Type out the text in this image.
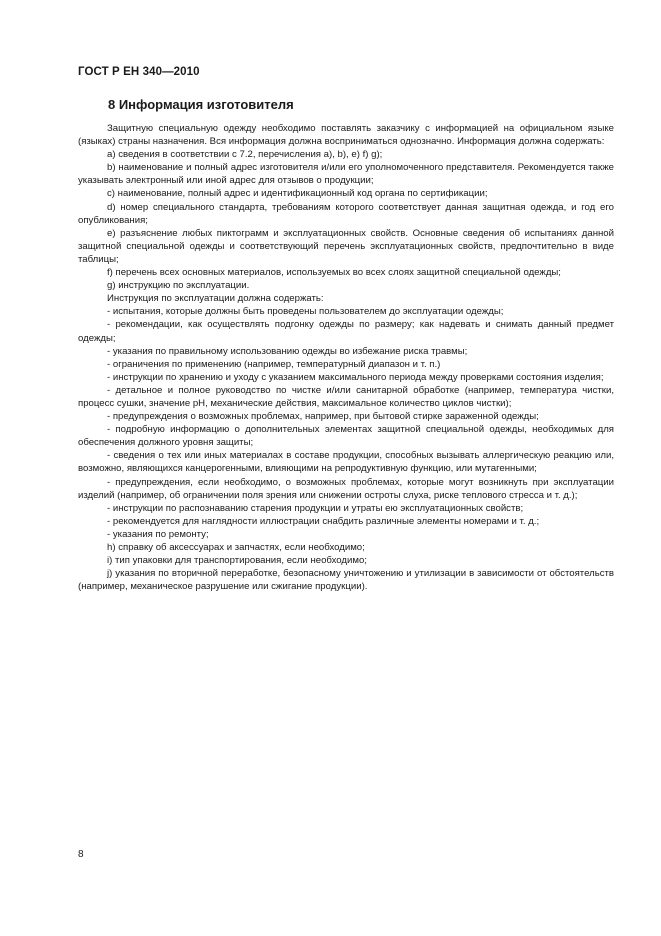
ГОСТ Р ЕН 340—2010
8 Информация изготовителя

Защитную специальную одежду необходимо поставлять заказчику с информацией на официальном языке (языках) страны назначения. Вся информация должна восприниматься однозначно. Информация должна содержать:

a) сведения в соответствии с 7.2, перечисления a), b), e) f) g);

b) наименование и полный адрес изготовителя и/или его уполномоченного представителя. Рекомендуется также указывать электронный или иной адрес для отзывов о продукции;

c) наименование, полный адрес и идентификационный код органа по сертификации;

d) номер специального стандарта, требованиям которого соответствует данная защитная одежда, и год его опубликования;

e) разъяснение любых пиктограмм и эксплуатационных свойств. Основные сведения об испытаниях данной защитной специальной одежды и соответствующий перечень эксплуатационных свойств, предпочтительно в виде таблицы;

f) перечень всех основных материалов, используемых во всех слоях защитной специальной одежды;

g) инструкцию по эксплуатации.

Инструкция по эксплуатации должна содержать:

- испытания, которые должны быть проведены пользователем до эксплуатации одежды;

- рекомендации, как осуществлять подгонку одежды по размеру; как надевать и снимать данный предмет одежды;

- указания по правильному использованию одежды во избежание риска травмы;

- ограничения по применению (например, температурный диапазон и т. п.)

- инструкции по хранению и уходу с указанием максимального периода между проверками состояния изделия;

- детальное и полное руководство по чистке и/или санитарной обработке (например, температура чистки, процесс сушки, значение pH, механические действия, максимальное количество циклов чистки);

- предупреждения о возможных проблемах, например, при бытовой стирке зараженной одежды;

- подробную информацию о дополнительных элементах защитной специальной одежды, необходимых для обеспечения должного уровня защиты;

- сведения о тех или иных материалах в составе продукции, способных вызывать аллергическую реакцию или, возможно, являющихся канцерогенными, влияющими на репродуктивную функцию, или мутагенными;

- предупреждения, если необходимо, о возможных проблемах, которые могут возникнуть при эксплуатации изделий (например, об ограничении поля зрения или снижении остроты слуха, риске теплового стресса и т. д.);

- инструкции по распознаванию старения продукции и утраты ею эксплуатационных свойств;

- рекомендуется для наглядности иллюстрации снабдить различные элементы номерами и т. д.;

- указания по ремонту;

h) справку об аксессуарах и запчастях, если необходимо;

i) тип упаковки для транспортирования, если необходимо;

j) указания по вторичной переработке, безопасному уничтожению и утилизации в зависимости от обстоятельств (например, механическое разрушение или сжигание продукции).

8
